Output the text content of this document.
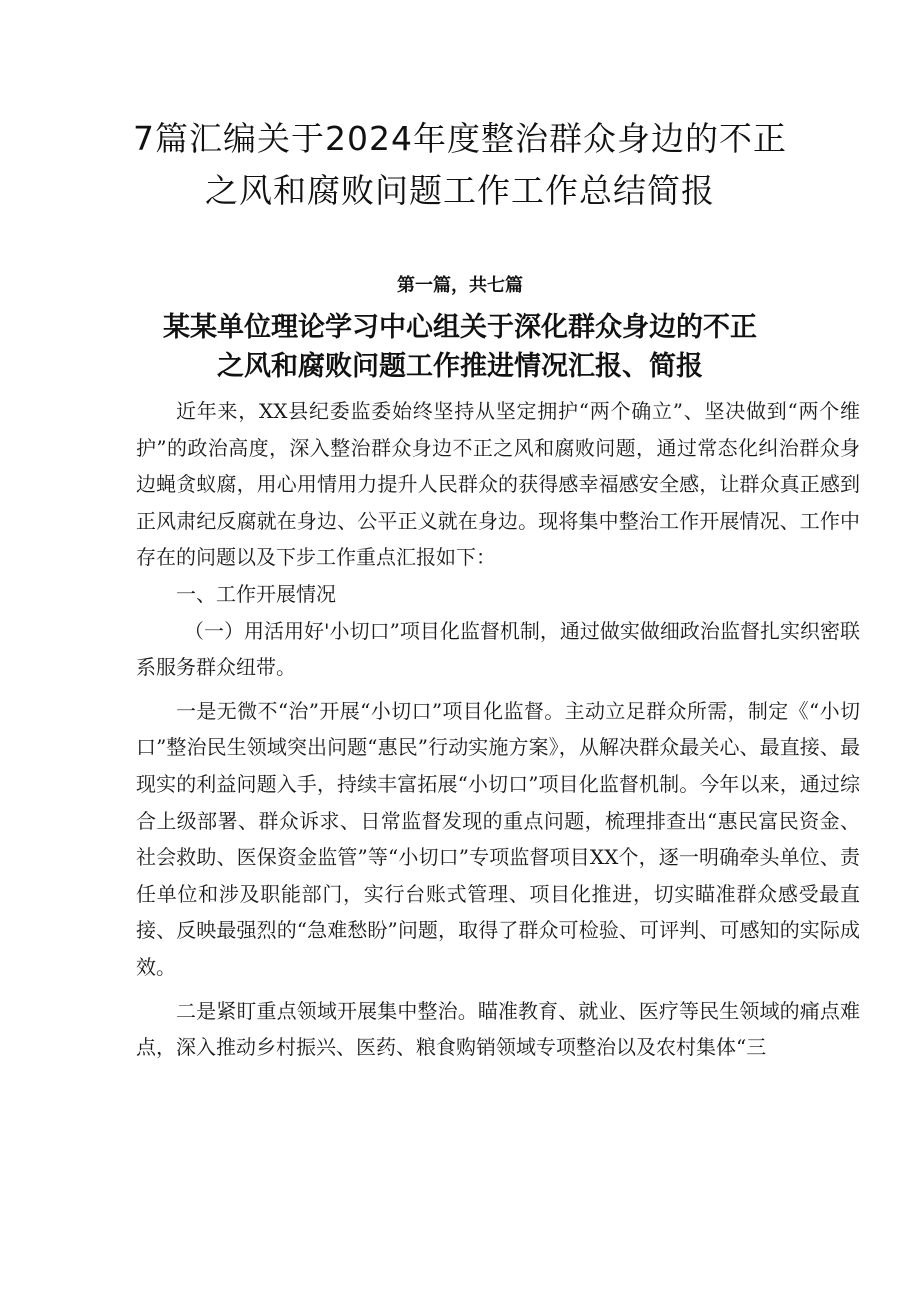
7篇汇编关于2024年度整治群众身边的不正之风和腐败问题工作工作总结简报
第一篇，共七篇
某某单位理论学习中心组关于深化群众身边的不正之风和腐败问题工作推进情况汇报、简报

近年来，XX县纪委监委始终坚持从坚定拥护“两个确立”、坚决做到“两个维护”的政治高度，深入整治群众身边不正之风和腐败问题，通过常态化纠治群众身边蝇贪蚁腐，用心用情用力提升人民群众的获得感幸福感安全感，让群众真正感到正风肃纪反腐就在身边、公平正义就在身边。现将集中整治工作开展情况、工作中存在的问题以及下步工作重点汇报如下：

一、工作开展情况

（一）用活用好'小切口”项目化监督机制，通过做实做细政治监督扎实织密联系服务群众纽带。

一是无微不“治”开展“小切口”项目化监督。主动立足群众所需，制定《“小切口”整治民生领域突出问题“惠民”行动实施方案》，从解决群众最关心、最直接、最现实的利益问题入手，持续丰富拓展“小切口”项目化监督机制。今年以来，通过综合上级部署、群众诉求、日常监督发现的重点问题，梳理排查出“惠民富民资金、社会救助、医保资金监管”等“小切口”专项监督项目XX个，逐一明确牵头单位、责任单位和涉及职能部门，实行台账式管理、项目化推进，切实瞄准群众感受最直接、反映最强烈的“急难愁盼”问题，取得了群众可检验、可评判、可感知的实际成效。

二是紧盯重点领域开展集中整治。瞄准教育、就业、医疗等民生领域的痛点难点，深入推动乡村振兴、医药、粮食购销领域专项整治以及农村集体“三
